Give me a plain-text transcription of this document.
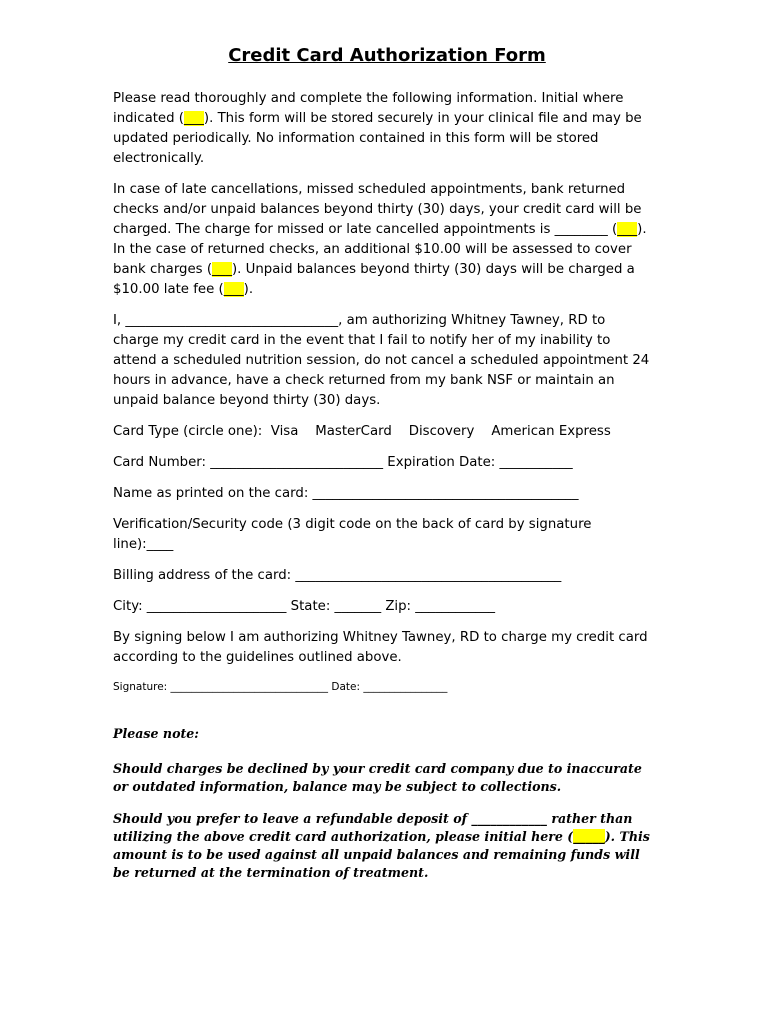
Credit Card Authorization Form

Please read thoroughly and complete the following information. Initial where indicated (___). This form will be stored securely in your clinical file and may be updated periodically. No information contained in this form will be stored electronically.

In case of late cancellations, missed scheduled appointments, bank returned checks and/or unpaid balances beyond thirty (30) days, your credit card will be charged. The charge for missed or late cancelled appointments is ________ (___). In the case of returned checks, an additional $10.00 will be assessed to cover bank charges (___). Unpaid balances beyond thirty (30) days will be charged a $10.00 late fee (___).

I, ________________________________, am authorizing Whitney Tawney, RD to charge my credit card in the event that I fail to notify her of my inability to attend a scheduled nutrition session, do not cancel a scheduled appointment 24 hours in advance, have a check returned from my bank NSF or maintain an unpaid balance beyond thirty (30) days.

Card Type (circle one): Visa MasterCard Discovery American Express

Card Number: __________________________ Expiration Date: ___________

Name as printed on the card: ________________________________________

Verification/Security code (3 digit code on the back of card by signature line):____

Billing address of the card: ________________________________________

City: _____________________ State: _______ Zip: ____________

By signing below I am authorizing Whitney Tawney, RD to charge my credit card according to the guidelines outlined above.

Signature: ______________________________ Date: ________________

Please note:

Should charges be declined by your credit card company due to inaccurate or outdated information, balance may be subject to collections.

Should you prefer to leave a refundable deposit of ____________ rather than utilizing the above credit card authorization, please initial here (_____). This amount is to be used against all unpaid balances and remaining funds will be returned at the termination of treatment.
